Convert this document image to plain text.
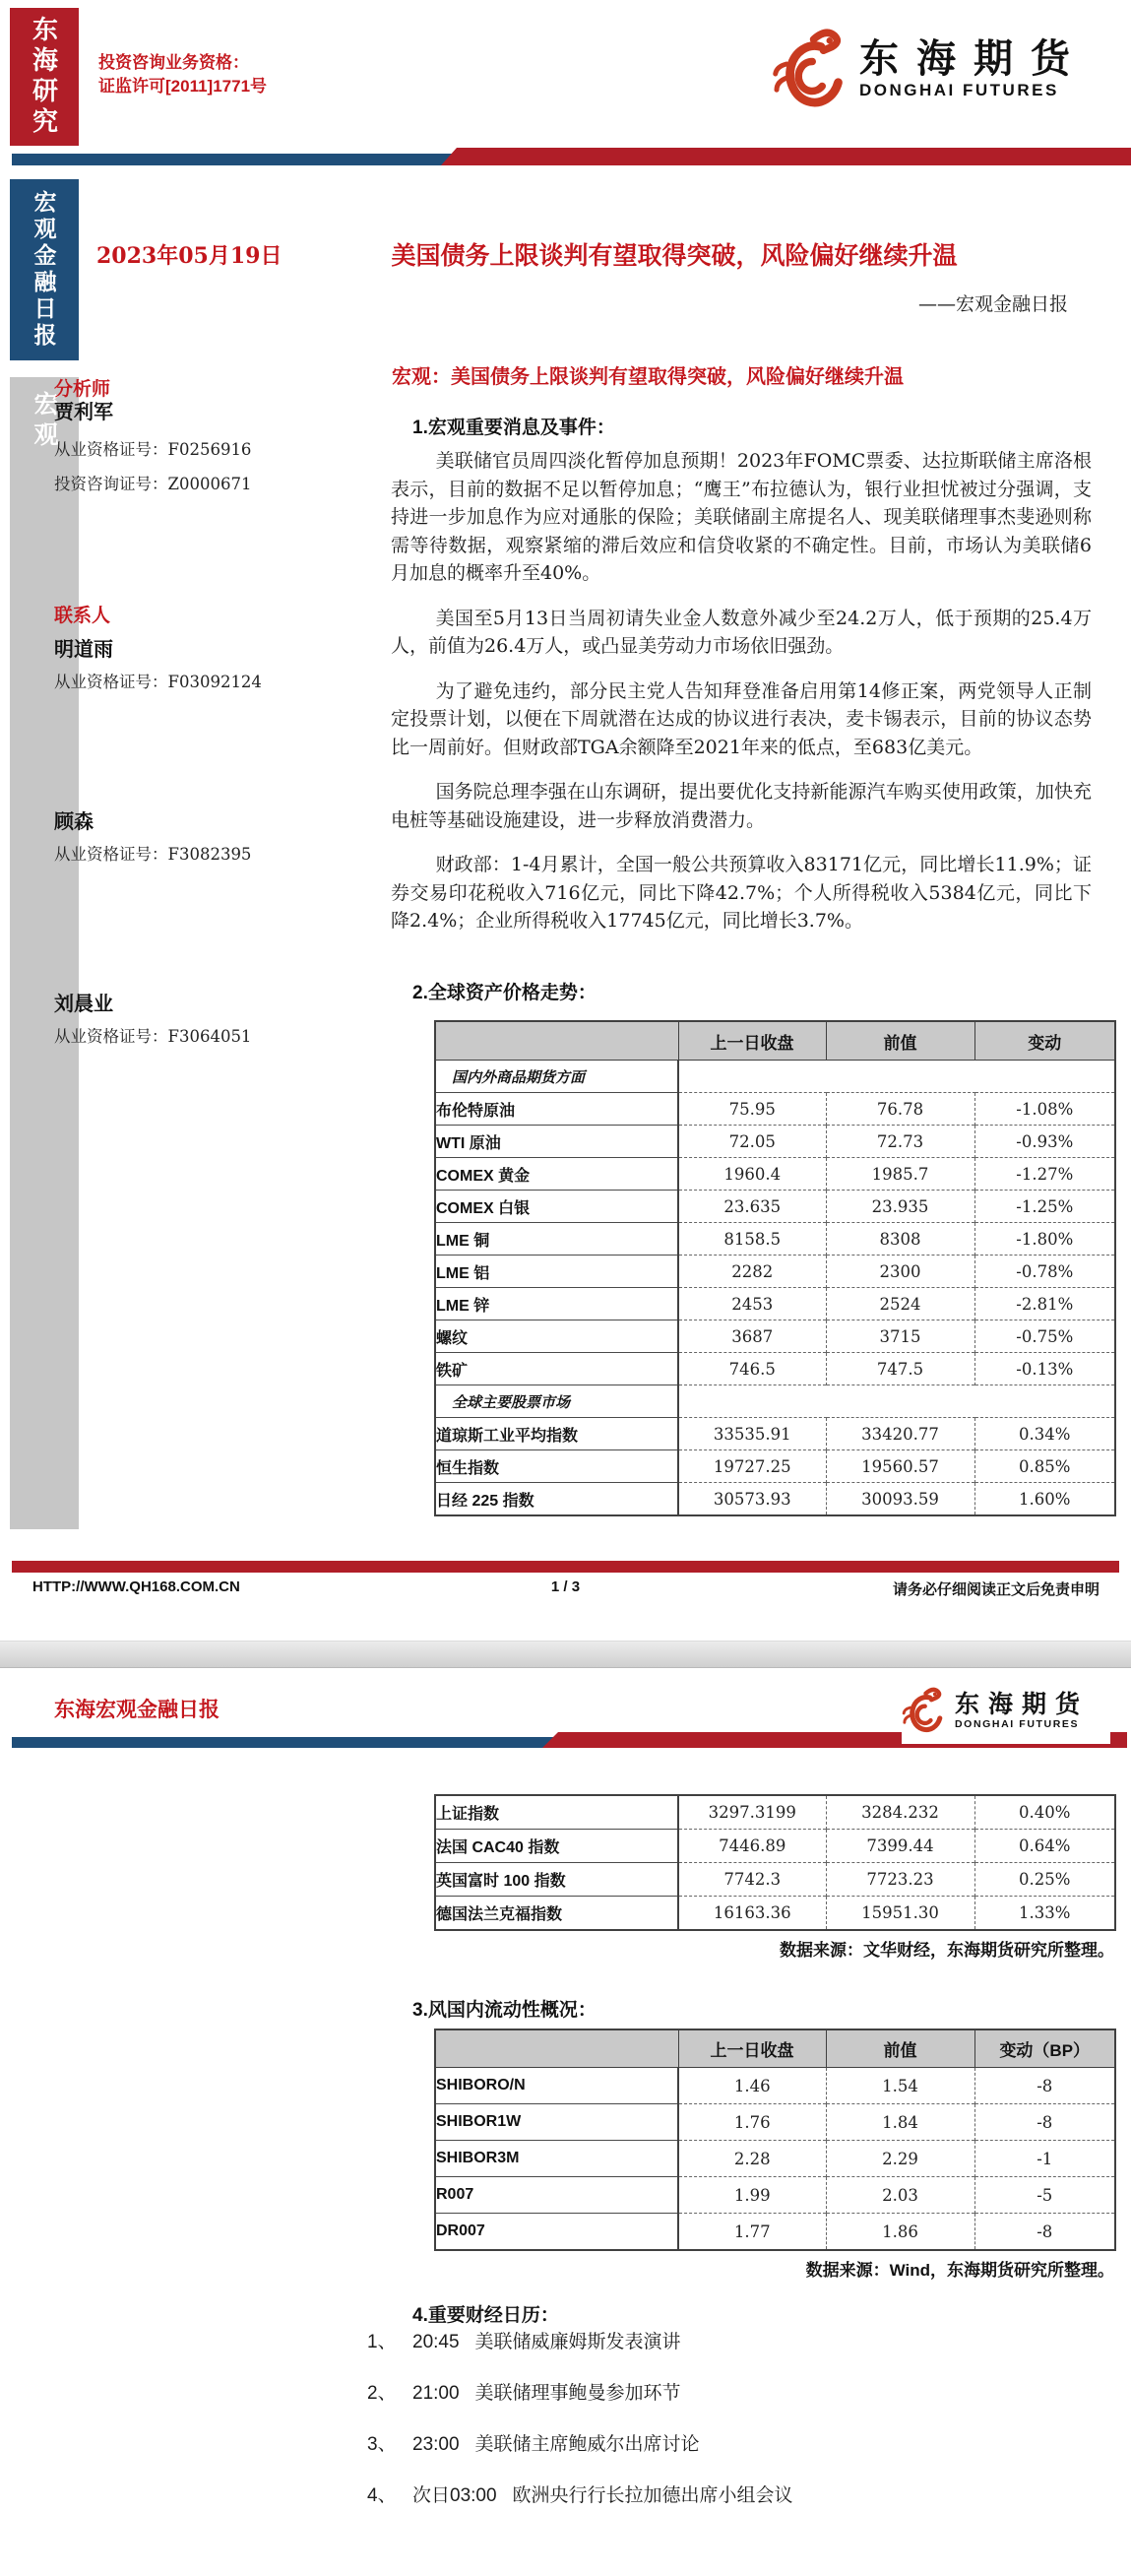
东海研究 投资咨询业务资格：
证监许可[2011]1771号
东海期货
DONGHAI FUTURES
宏观金融日报
宏观
2023年05月19日	美国债务上限谈判有望取得突破，风险偏好继续升温
——宏观金融日报
宏观：美国债务上限谈判有望取得突破，风险偏好继续升温
分析师
贾利军
从业资格证号：F0256916
投资咨询证号：Z0000671
联系人
明道雨
从业资格证号：F03092124
顾森
从业资格证号：F3082395
刘晨业
从业资格证号：F3064051
1.宏观重要消息及事件：

美联储官员周四淡化暂停加息预期！2023年FOMC票委、达拉斯联储主席洛根表示，目前的数据不足以暂停加息；“鹰王”布拉德认为，银行业担忧被过分强调，支持进一步加息作为应对通胀的保险；美联储副主席提名人、现美联储理事杰斐逊则称需等待数据，观察紧缩的滞后效应和信贷收紧的不确定性。目前，市场认为美联储6月加息的概率升至40%。

美国至5月13日当周初请失业金人数意外减少至24.2万人，低于预期的25.4万人，前值为26.4万人，或凸显美劳动力市场依旧强劲。

为了避免违约，部分民主党人告知拜登准备启用第14修正案，两党领导人正制定投票计划，以便在下周就潜在达成的协议进行表决，麦卡锡表示，目前的协议态势比一周前好。但财政部TGA余额降至2021年来的低点，至683亿美元。

国务院总理李强在山东调研，提出要优化支持新能源汽车购买使用政策，加快充电桩等基础设施建设，进一步释放消费潜力。

财政部：1-4月累计，全国一般公共预算收入83171亿元，同比增长11.9%；证券交易印花税收入716亿元，同比下降42.7%；个人所得税收入5384亿元，同比下降2.4%；企业所得税收入17745亿元，同比增长3.7%。

2.全球资产价格走势：
	上一日收盘	前值	变动
国内外商品期货方面			
布伦特原油	75.95	76.78	-1.08%
WTI 原油	72.05	72.73	-0.93%
COMEX 黄金	1960.4	1985.7	-1.27%
COMEX 白银	23.635	23.935	-1.25%
LME 铜	8158.5	8308	-1.80%
LME 铝	2282	2300	-0.78%
LME 锌	2453	2524	-2.81%
螺纹	3687	3715	-0.75%
铁矿	746.5	747.5	-0.13%
全球主要股票市场			
道琼斯工业平均指数	33535.91	33420.77	0.34%
恒生指数	19727.25	19560.57	0.85%
日经 225 指数	30573.93	30093.59	1.60%
HTTP://WWW.QH168.COM.CN	1 / 3	请务必仔细阅读正文后免责申明
东海宏观金融日报	东海期货
DONGHAI FUTURES
上证指数	3297.3199	3284.232	0.40%
法国 CAC40 指数	7446.89	7399.44	0.64%
英国富时 100 指数	7742.3	7723.23	0.25%
德国法兰克福指数	16163.36	15951.30	1.33%
数据来源：文华财经，东海期货研究所整理。
3.风国内流动性概况：
	上一日收盘	前值	变动（BP）
SHIBORO/N	1.46	1.54	-8
SHIBOR1W	1.76	1.84	-8
SHIBOR3M	2.28	2.29	-1
R007	1.99	2.03	-5
DR007	1.77	1.86	-8
数据来源：Wind，东海期货研究所整理。
4.重要财经日历：
1、 20:45 美联储威廉姆斯发表演讲
2、 21:00 美联储理事鲍曼参加环节
3、 23:00 美联储主席鲍威尔出席讨论
4、 次日03:00 欧洲央行行长拉加德出席小组会议
